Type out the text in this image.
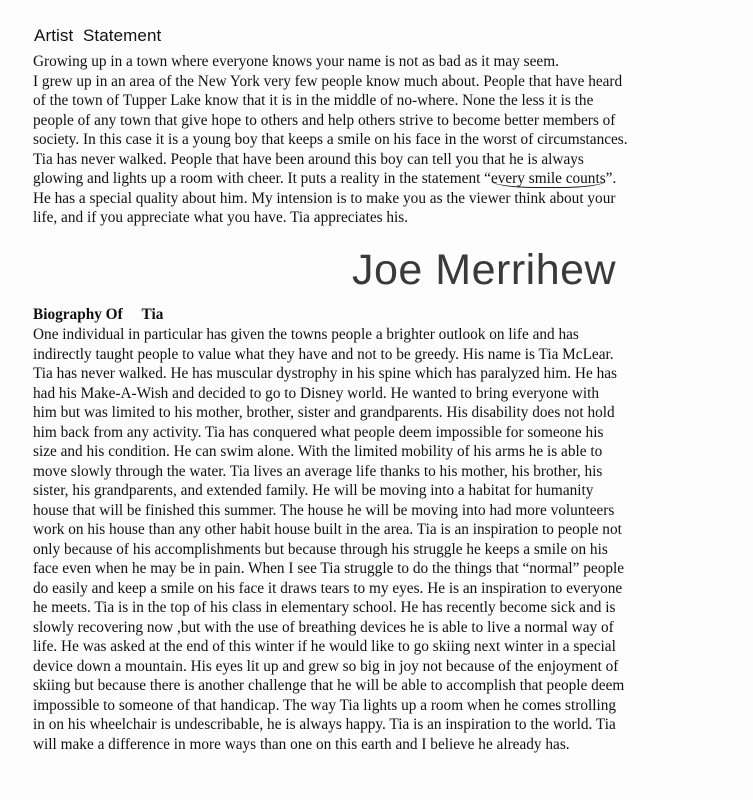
Artist  Statement
Growing up in a town where everyone knows your name is not as bad as it may seem.
I grew up in an area of the New York very few people know much about. People that have heard
of the town of Tupper Lake know that it is in the middle of no-where. None the less it is the
people of any town that give hope to others and help others strive to become better members of
society. In this case it is a young boy that keeps a smile on his face in the worst of circumstances.
Tia has never walked. People that have been around this boy can tell you that he is always
glowing and lights up a room with cheer. It puts a reality in the statement “every smile counts”.
He has a special quality about him. My intension is to make you as the viewer think about your
life, and if you appreciate what you have. Tia appreciates his.
Joe Merrihew
Biography Of     Tia
One individual in particular has given the towns people a brighter outlook on life and has
indirectly taught people to value what they have and not to be greedy. His name is Tia McLear.
Tia has never walked. He has muscular dystrophy in his spine which has paralyzed him. He has
had his Make-A-Wish and decided to go to Disney world. He wanted to bring everyone with
him but was limited to his mother, brother, sister and grandparents. His disability does not hold
him back from any activity. Tia has conquered what people deem impossible for someone his
size and his condition. He can swim alone. With the limited mobility of his arms he is able to
move slowly through the water. Tia lives an average life thanks to his mother, his brother, his
sister, his grandparents, and extended family. He will be moving into a habitat for humanity
house that will be finished this summer. The house he will be moving into had more volunteers
work on his house than any other habit house built in the area. Tia is an inspiration to people not
only because of his accomplishments but because through his struggle he keeps a smile on his
face even when he may be in pain. When I see Tia struggle to do the things that “normal” people
do easily and keep a smile on his face it draws tears to my eyes. He is an inspiration to everyone
he meets. Tia is in the top of his class in elementary school. He has recently become sick and is
slowly recovering now ,but with the use of breathing devices he is able to live a normal way of
life. He was asked at the end of this winter if he would like to go skiing next winter in a special
device down a mountain. His eyes lit up and grew so big in joy not because of the enjoyment of
skiing but because there is another challenge that he will be able to accomplish that people deem
impossible to someone of that handicap. The way Tia lights up a room when he comes strolling
in on his wheelchair is undescribable, he is always happy. Tia is an inspiration to the world. Tia
will make a difference in more ways than one on this earth and I believe he already has.
